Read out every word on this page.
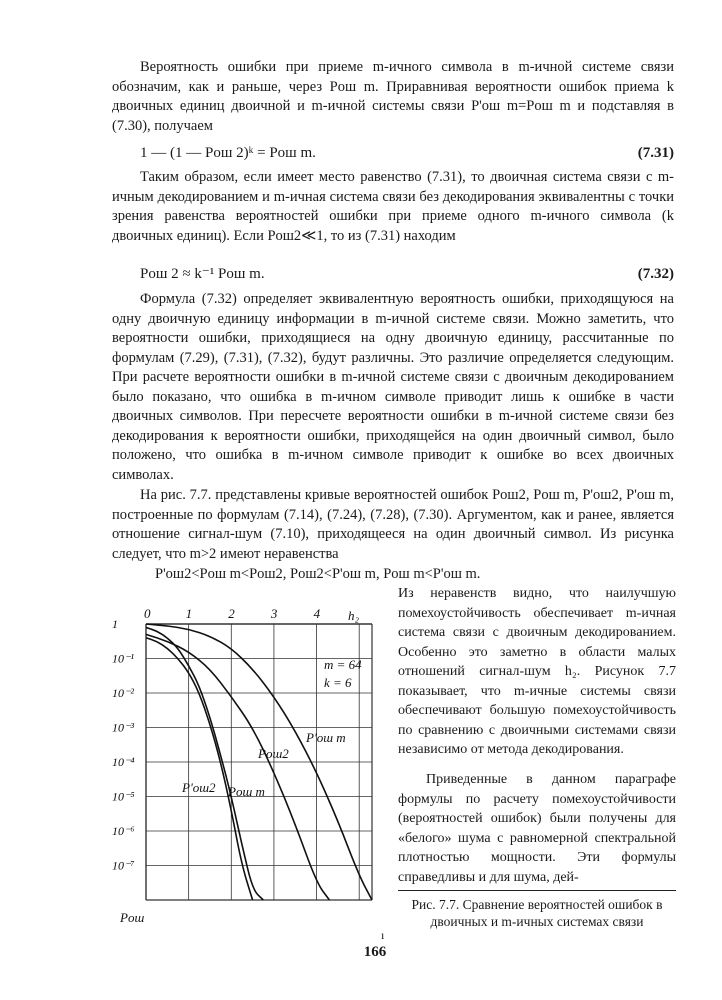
Вероятность ошибки при приеме m-ичного символа в m-ичной системе связи обозначим, как и раньше, через Pош m. Приравнивая вероятности ошибок приема k двоичных единиц двоичной и m-ичной системы связи P'ош m=Pош m и подставляя в (7.30), получаем
1 — (1 — Pош 2)ᵏ = Pош m.	(7.31)
Таким образом, если имеет место равенство (7.31), то двоичная система связи с m-ичным декодированием и m-ичная система связи без декодирования эквивалентны с точки зрения равенства вероятностей ошибки при приеме одного m-ичного символа (k двоичных единиц). Если Pош2≪1, то из (7.31) находим
Pош 2 ≈ k⁻¹ Pош m.	(7.32)
Формула (7.32) определяет эквивалентную вероятность ошибки, приходящуюся на одну двоичную единицу информации в m-ичной системе связи. Можно заметить, что вероятности ошибки, приходящиеся на одну двоичную единицу, рассчитанные по формулам (7.29), (7.31), (7.32), будут различны. Это различие определяется следующим. При расчете вероятности ошибки в m-ичной системе связи с двоичным декодированием было показано, что ошибка в m-ичном символе приводит лишь к ошибке в части двоичных символов. При пересчете вероятности ошибки в m-ичной системе связи без декодирования к вероятности ошибки, приходящейся на один двоичный символ, было положено, что ошибка в m-ичном символе приводит к ошибке во всех двоичных символах.
На рис. 7.7. представлены кривые вероятностей ошибок Pош2, Pош m, P'ош2, P'ош m, построенные по формулам (7.14), (7.24), (7.28), (7.30). Аргументом, как и ранее, является отношение сигнал-шум (7.10), приходящееся на один двоичный символ. Из рисунка следует, что m>2 имеют неравенства
P'ош2<Pош m<Pош2, Pош2<P'ош m, Pош m<P'ош m.
0	1	2	3	4
1
10⁻¹
10⁻²
10⁻³
10⁻⁴
10⁻⁵
10⁻⁶
10⁻⁷
P'ош2 Pош m
Pош2
P'ош m
m = 64
k = 6
h₂
Pош
Из неравенств видно, что наилучшую помехоустойчивость обеспечивает m-ичная система связи с двоичным декодированием. Особенно это заметно в области малых отношений сигнал-шум h₂. Рисунок 7.7 показывает, что m-ичные системы связи обеспечивают большую помехоустойчивость по сравнению с двоичными системами связи независимо от метода декодирования.
Приведенные в данном параграфе формулы по расчету помехоустойчивости (вероятностей ошибок) были получены для «белого» шума с равномерной спектральной плотностью мощности. Эти формулы справедливы и для шума, дей-
Рис. 7.7. Сравнение вероятностей ошибок в двоичных и m-ичных системах связи
ı
166
